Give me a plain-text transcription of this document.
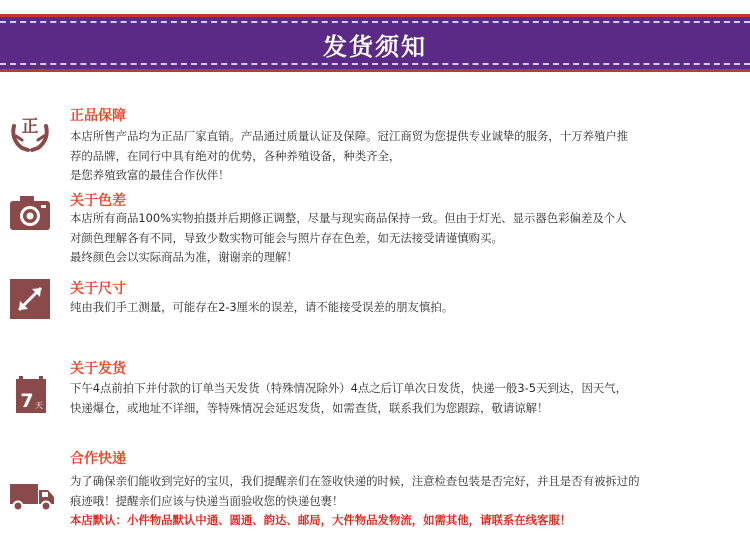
发货须知
正
正品保障

本店所售产品均为正品厂家直销。产品通过质量认证及保障。冠江商贸为您提供专业诚挚的服务，十万养殖户推

荐的品牌，在同行中具有绝对的优势，各种养殖设备，种类齐全，

是您养殖致富的最佳合作伙伴！

关于色差

本店所有商品100%实物拍摄并后期修正调整，尽量与现实商品保持一致。但由于灯光、显示器色彩偏差及个人

对颜色理解各有不同，导致少数实物可能会与照片存在色差，如无法接受请谨慎购买。

最终颜色会以实际商品为准，谢谢亲的理解！

关于尺寸

纯由我们手工测量，可能存在2-3厘米的误差，请不能接受误差的朋友慎拍。

7 天
关于发货

下午4点前拍下并付款的订单当天发货（特殊情况除外）4点之后订单次日发货，快递一般3-5天到达，因天气，

快递爆仓，或地址不详细，等特殊情况会延迟发货，如需查货，联系我们为您跟踪，敬请谅解！

合作快递

为了确保亲们能收到完好的宝贝，我们提醒亲们在签收快递的时候，注意检查包装是否完好，并且是否有被拆过的

痕迹哦！提醒亲们应该与快递当面验收您的快递包裹！

本店默认：小件物品默认中通、圆通、韵达、邮局，大件物品发物流，如需其他，请联系在线客服！
